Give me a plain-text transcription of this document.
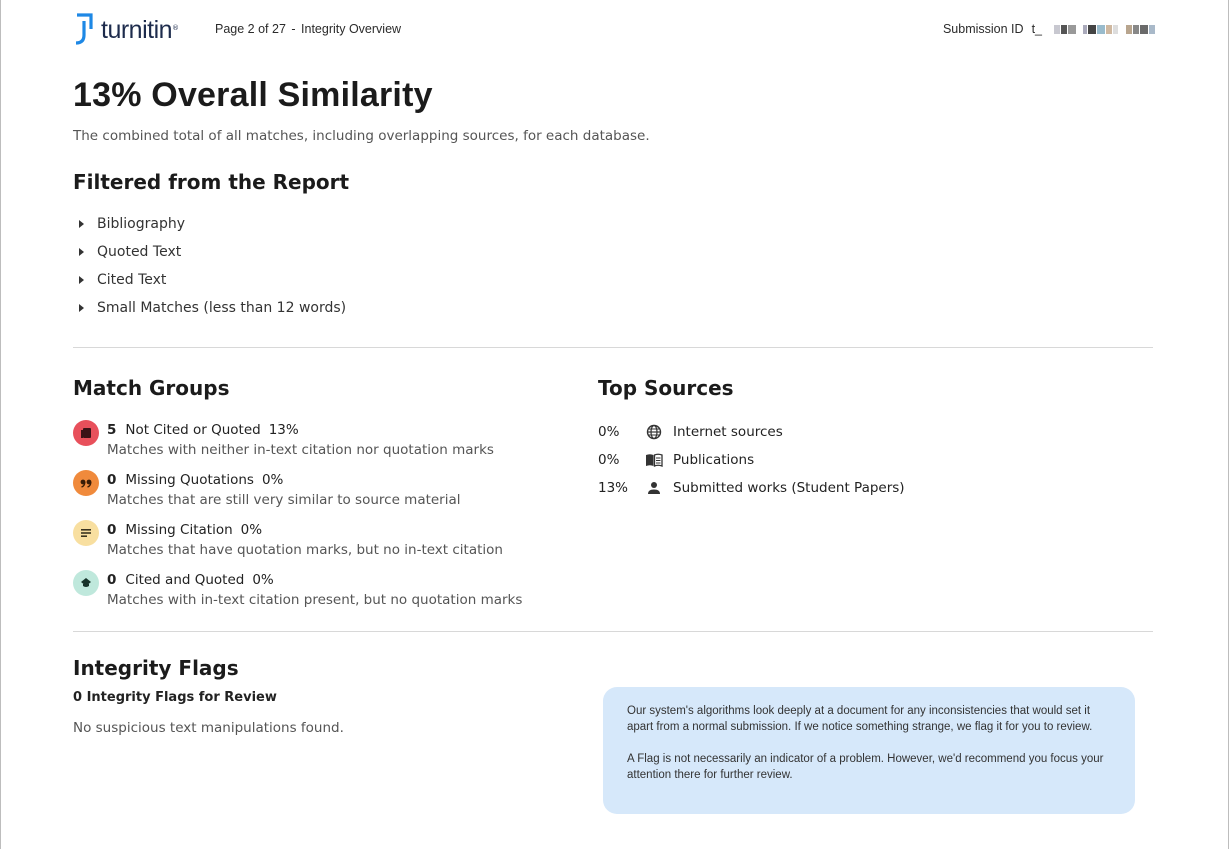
turnitin ®	Page 2 of 27 - Integrity Overview	Submission ID t_
13% Overall Similarity
The combined total of all matches, including overlapping sources, for each database.
Filtered from the Report
Bibliography
Quoted Text
Cited Text
Small Matches (less than 12 words)
Match Groups
5 Not Cited or Quoted 13%
Matches with neither in-text citation nor quotation marks
0 Missing Quotations 0%
Matches that are still very similar to source material
0 Missing Citation 0%
Matches that have quotation marks, but no in-text citation
0 Cited and Quoted 0%
Matches with in-text citation present, but no quotation marks
Top Sources
0%	Internet sources
0%	Publications
13%	Submitted works (Student Papers)
Integrity Flags
0 Integrity Flags for Review
No suspicious text manipulations found.

Our system's algorithms look deeply at a document for any inconsistencies that would set it apart from a normal submission. If we notice something strange, we flag it for you to review.

A Flag is not necessarily an indicator of a problem. However, we'd recommend you focus your attention there for further review.
